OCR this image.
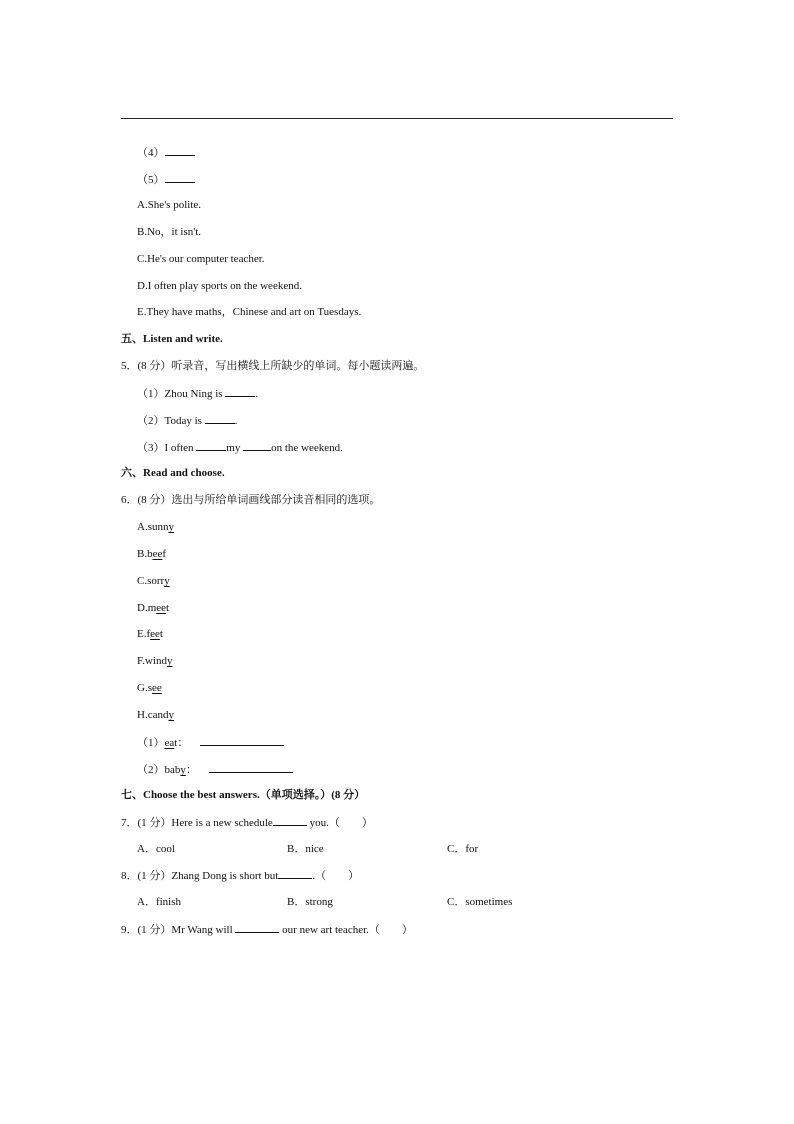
（4）
（5）
A.She's polite.
B.No，it isn't.
C.He's our computer teacher.
D.I often play sports on the weekend.
E.They have maths，Chinese and art on Tuesdays.
五、Listen and write.
5．(8 分）听录音，写出横线上所缺少的单词。每小题读两遍。
（1）Zhou Ning is	.
（2）Today is	.
（3）I often	my	on the weekend.
六、Read and choose.
6．(8 分）选出与所给单词画线部分读音相同的选项。
A.sunny
B.beef
C.sorry
D.meet
E.feet
F.windy
G.see
H.candy
（1）eat：
（2）baby：
七、Choose the best answers.（单项选择。）(8 分）
7．(1 分）Here is a new schedule	you.（　　）
A．cool	B．nice	C．for
8．(1 分）Zhang Dong is short but	.（　　）
A．finish	B．strong	C．sometimes
9．(1 分）Mr Wang will	our new art teacher.（　　）
